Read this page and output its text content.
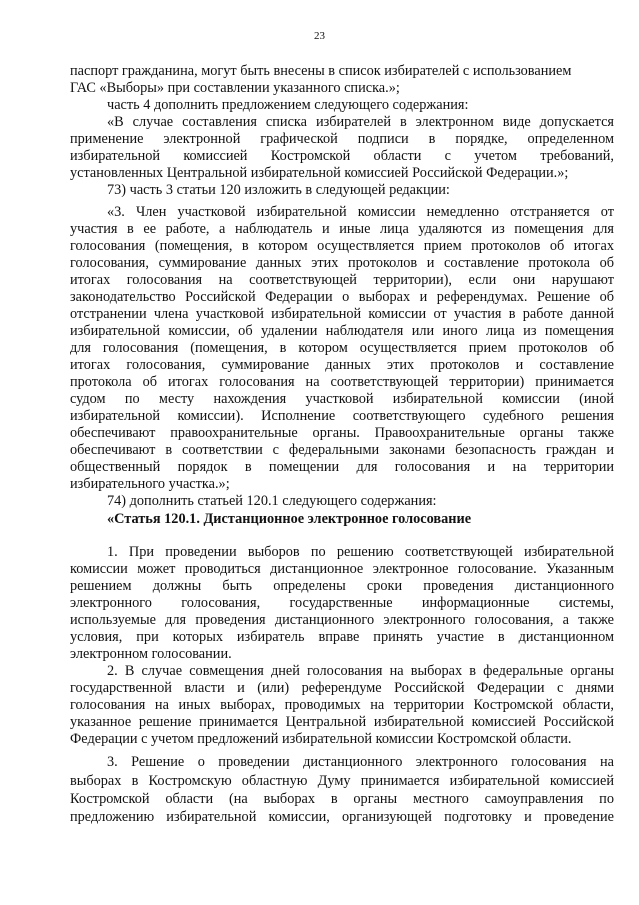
23
паспорт гражданина, могут быть внесены в список избирателей с использованием
ГАС «Выборы» при составлении указанного списка.»;
часть 4 дополнить предложением следующего содержания:
«В случае составления списка избирателей в электронном виде допускается
применение электронной графической подписи в порядке, определенном
избирательной комиссией Костромской области с учетом требований,
установленных Центральной избирательной комиссией Российской Федерации.»;
73) часть 3 статьи 120 изложить в следующей редакции:
«3. Член участковой избирательной комиссии немедленно отстраняется от
участия в ее работе, а наблюдатель и иные лица удаляются из помещения для
голосования (помещения, в котором осуществляется прием протоколов об итогах
голосования, суммирование данных этих протоколов и составление протокола об
итогах голосования на соответствующей территории), если они нарушают
законодательство Российской Федерации о выборах и референдумах. Решение об
отстранении члена участковой избирательной комиссии от участия в работе данной
избирательной комиссии, об удалении наблюдателя или иного лица из помещения
для голосования (помещения, в котором осуществляется прием протоколов об
итогах голосования, суммирование данных этих протоколов и составление
протокола об итогах голосования на соответствующей территории) принимается
судом по месту нахождения участковой избирательной комиссии (иной
избирательной комиссии). Исполнение соответствующего судебного решения
обеспечивают правоохранительные органы. Правоохранительные органы также
обеспечивают в соответствии с федеральными законами безопасность граждан и
общественный порядок в помещении для голосования и на территории
избирательного участка.»;
74) дополнить статьей 120.1 следующего содержания:
«Статья 120.1. Дистанционное электронное голосование
1. При проведении выборов по решению соответствующей избирательной
комиссии может проводиться дистанционное электронное голосование. Указанным
решением должны быть определены сроки проведения дистанционного
электронного голосования, государственные информационные системы,
используемые для проведения дистанционного электронного голосования, а также
условия, при которых избиратель вправе принять участие в дистанционном
электронном голосовании.
2. В случае совмещения дней голосования на выборах в федеральные органы
государственной власти и (или) референдуме Российской Федерации с днями
голосования на иных выборах, проводимых на территории Костромской области,
указанное решение принимается Центральной избирательной комиссией Российской
Федерации с учетом предложений избирательной комиссии Костромской области.
3. Решение о проведении дистанционного электронного голосования на
выборах в Костромскую областную Думу принимается избирательной комиссией
Костромской области (на выборах в органы местного самоуправления по
предложению избирательной комиссии, организующей подготовку и проведение
